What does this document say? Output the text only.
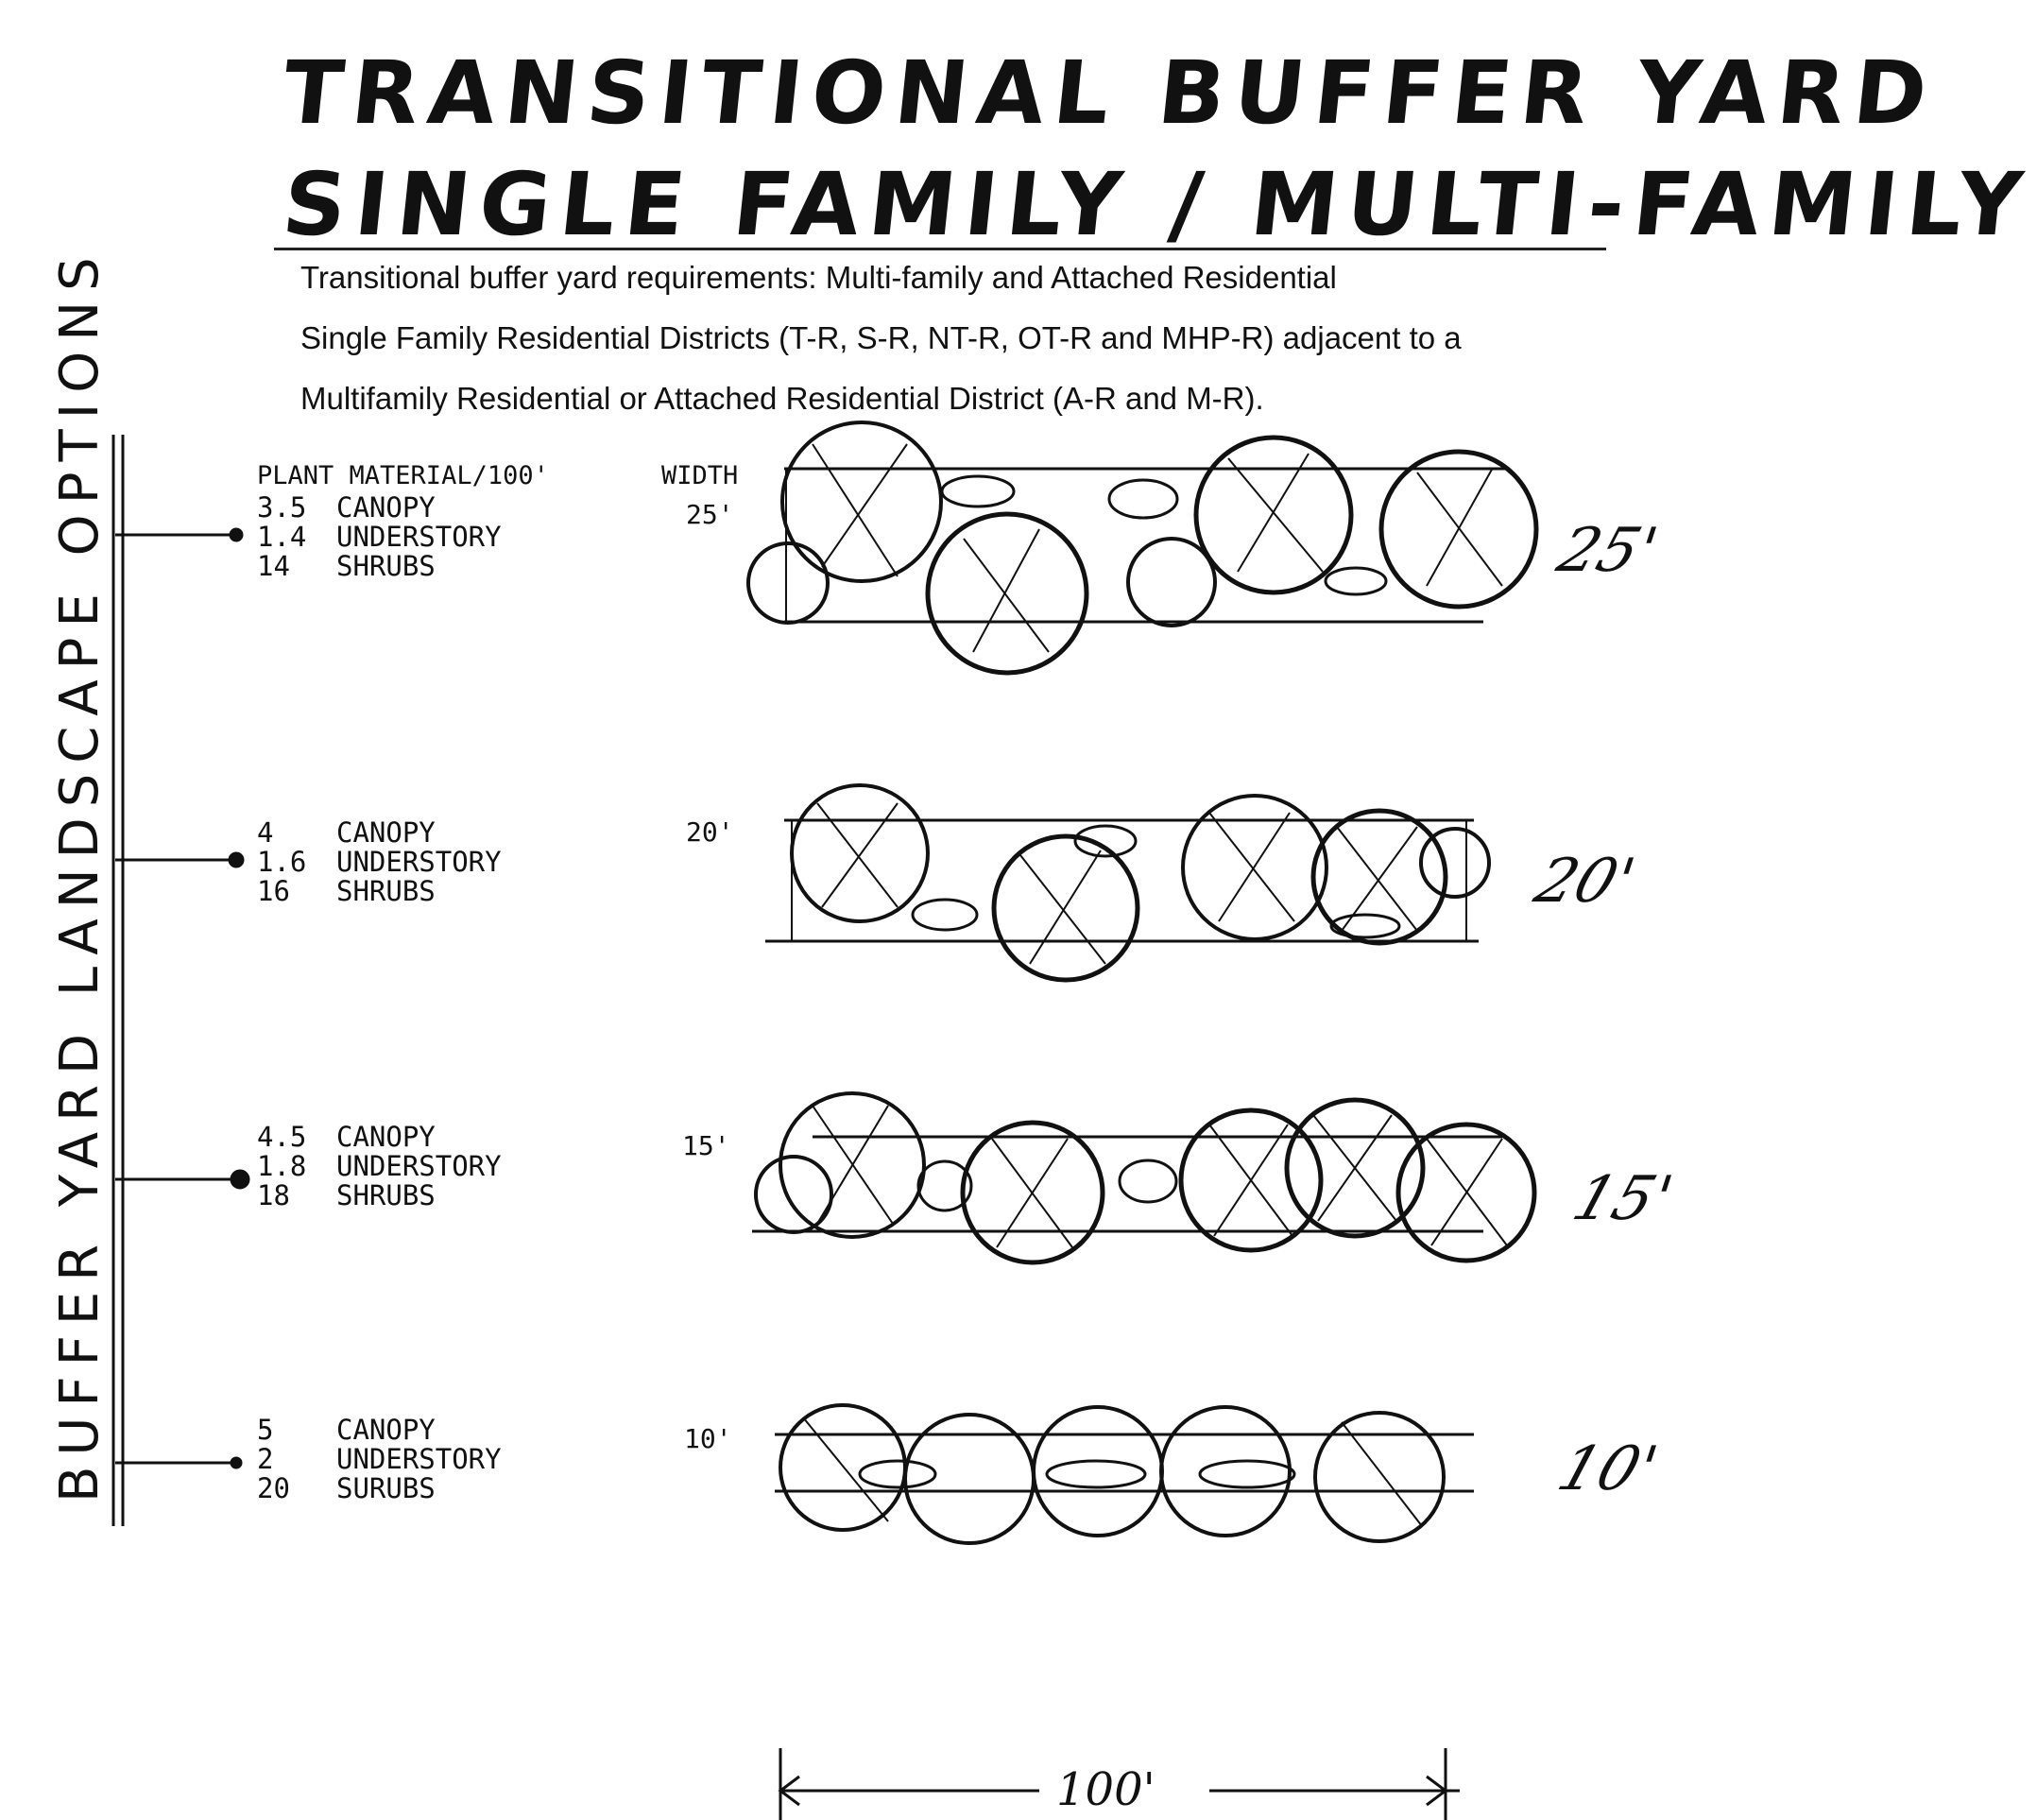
TRANSITIONAL BUFFER YARD
SINGLE FAMILY / MULTI-FAMILY
Transitional buffer yard requirements: Multi-family and Attached Residential
Single Family Residential Districts (T-R, S-R, NT-R, OT-R and MHP-R) adjacent to a
Multifamily Residential or Attached Residential District (A-R and M-R).
BUFFER YARD LANDSCAPE OPTIONS	PLANT MATERIAL/100'	WIDTH
3.5 CANOPY
1.4 UNDERSTORY
14 SHRUBS
25'
25'
4 CANOPY
1.6 UNDERSTORY
16 SHRUBS
20'
20'
4.5 CANOPY
1.8 UNDERSTORY
18 SHRUBS
15'
15'
5 CANOPY
2 UNDERSTORY
20 SURUBS
10'	10'
100'
